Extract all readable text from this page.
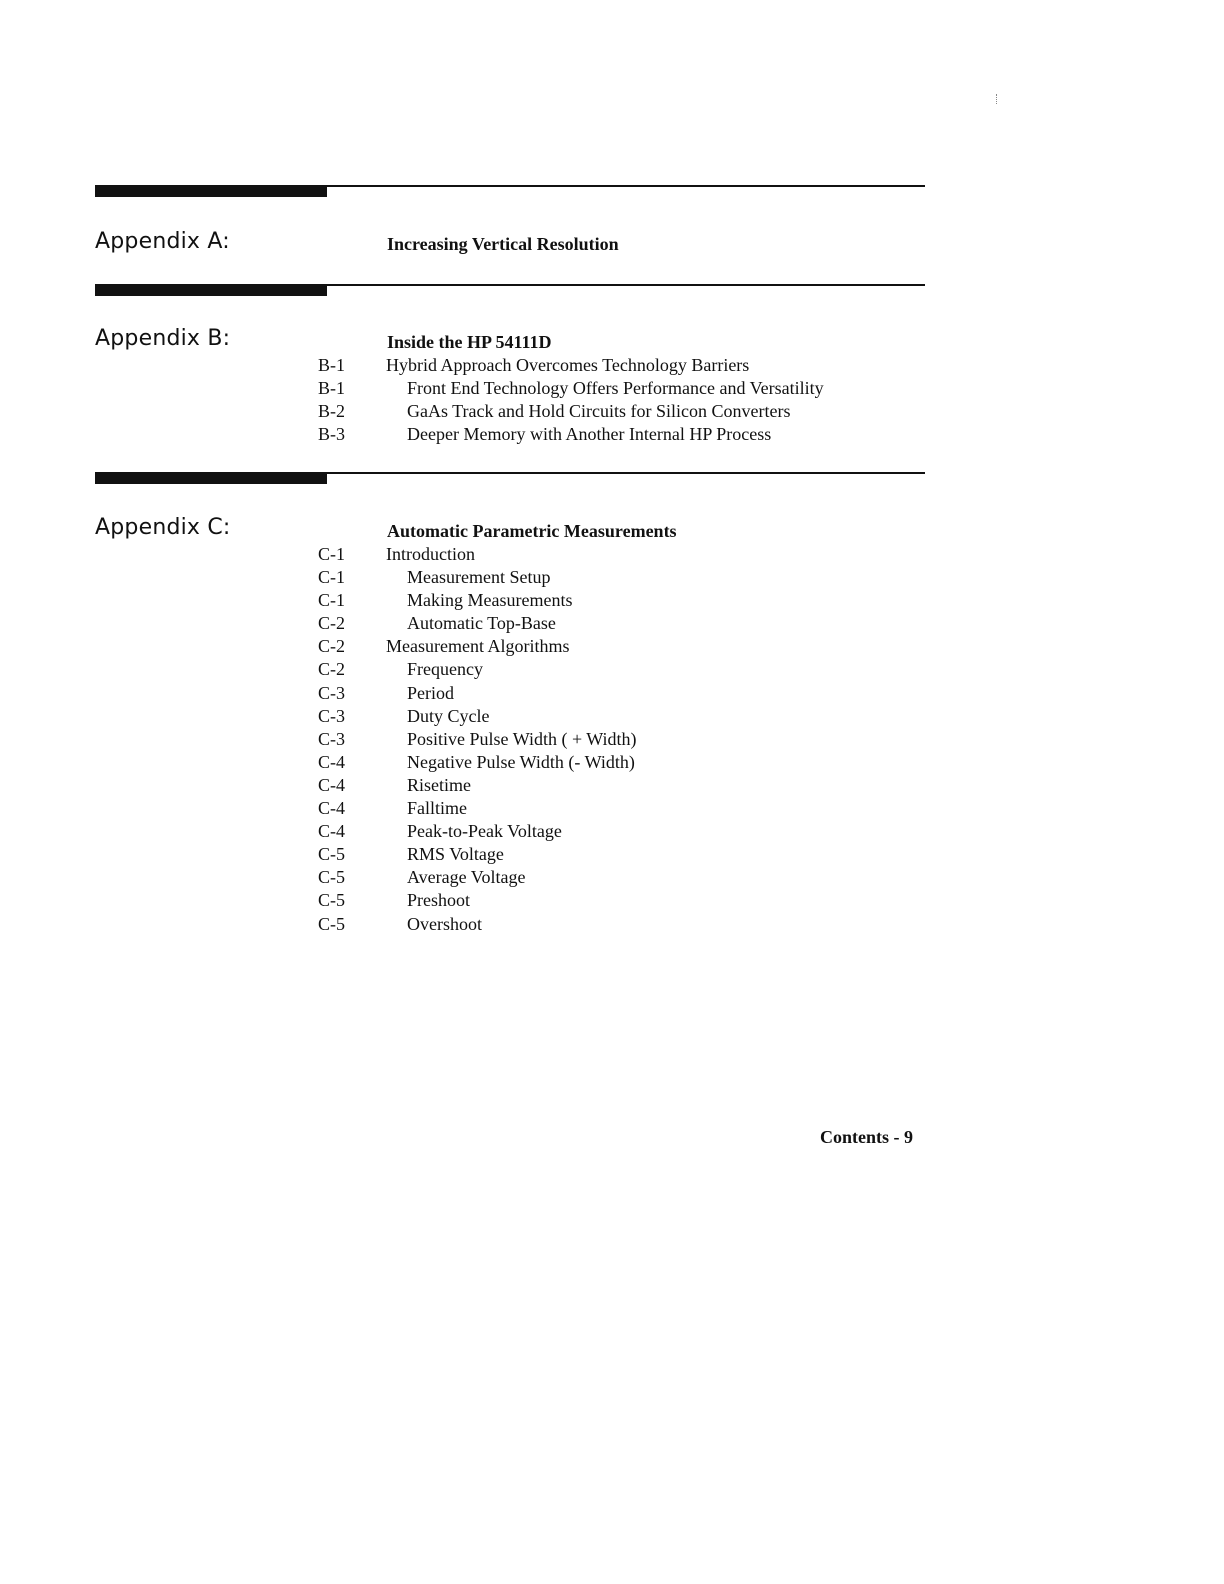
Appendix A:	Increasing Vertical Resolution
Appendix B:	Inside the HP 54111D
B-1	Hybrid Approach Overcomes Technology Barriers
B-1	Front End Technology Offers Performance and Versatility
B-2	GaAs Track and Hold Circuits for Silicon Converters
B-3	Deeper Memory with Another Internal HP Process
Appendix C:	Automatic Parametric Measurements
C-1	Introduction
C-1	Measurement Setup
C-1	Making Measurements
C-2	Automatic Top-Base
C-2	Measurement Algorithms
C-2	Frequency
C-3	Period
C-3	Duty Cycle
C-3	Positive Pulse Width ( + Width)
C-4	Negative Pulse Width (- Width)
C-4	Risetime
C-4	Falltime
C-4	Peak-to-Peak Voltage
C-5	RMS Voltage
C-5	Average Voltage
C-5	Preshoot
C-5	Overshoot
Contents - 9
